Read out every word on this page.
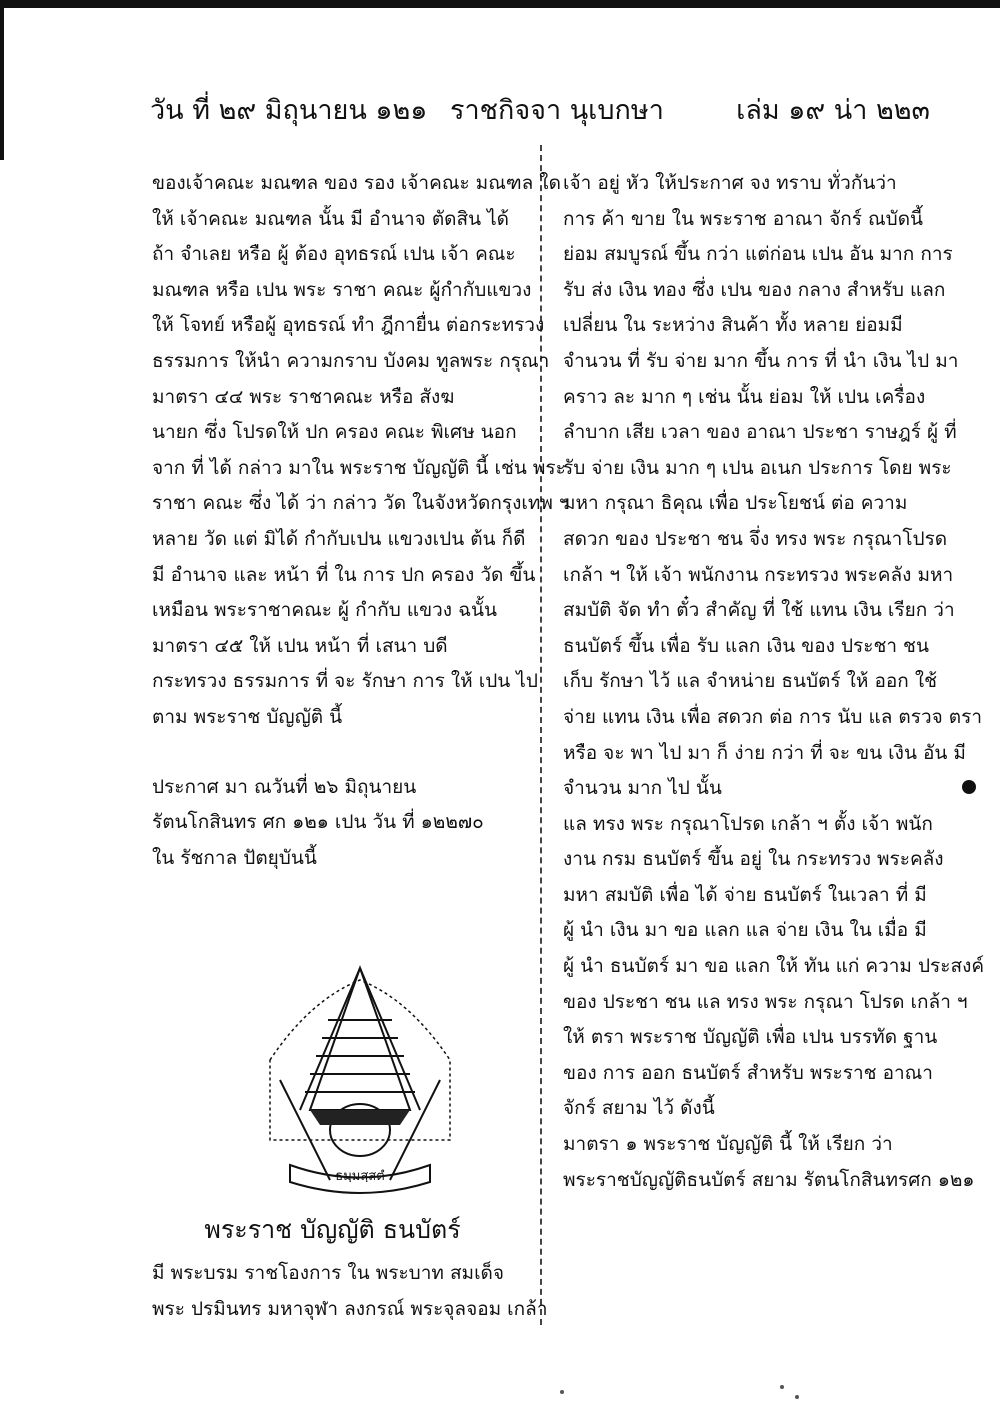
วัน ที่ ๒๙ มิถุนายน ๑๒๑ ราชกิจจา นุเบกษา	เล่ม ๑๙ น่า ๒๒๓
ของเจ้าคณะ มณฑล ของ รอง เจ้าคณะ มณฑล ใด
ให้ เจ้าคณะ มณฑล นั้น มี อำนาจ ตัดสิน ได้
ถ้า จำเลย หรือ ผู้ ต้อง อุทธรณ์ เปน เจ้า คณะ
มณฑล หรือ เปน พระ ราชา คณะ ผู้กำกับแขวง
ให้ โจทย์ หรือผู้ อุทธรณ์ ทำ ฎีกายื่น ต่อกระทรวง
ธรรมการ ให้นำ ความกราบ บังคม ทูลพระ กรุณา
มาตรา ๔๔ พระ ราชาคณะ หรือ สังฆ
นายก ซึ่ง โปรดให้ ปก ครอง คณะ พิเศษ นอก
จาก ที่ ได้ กล่าว มาใน พระราช บัญญัติ นี้ เช่น พระ
ราชา คณะ ซึ่ง ได้ ว่า กล่าว วัด ในจังหวัดกรุงเทพ ฯ
หลาย วัด แต่ มิได้ กำกับเปน แขวงเปน ต้น ก็ดี
มี อำนาจ และ หน้า ที่ ใน การ ปก ครอง วัด ขึ้น
เหมือน พระราชาคณะ ผู้ กำกับ แขวง ฉนั้น
มาตรา ๔๕ ให้ เปน หน้า ที่ เสนา บดี
กระทรวง ธรรมการ ที่ จะ รักษา การ ให้ เปน ไป
ตาม พระราช บัญญัติ นี้
ประกาศ มา ณวันที่ ๒๖ มิถุนายน
รัตนโกสินทร ศก ๑๒๑ เปน วัน ที่ ๑๒๒๗๐
ใน รัชกาล ปัตยุบันนี้
ธมฺมสฺสตํ
พระราช บัญญัติ ธนบัตร์
มี พระบรม ราชโองการ ใน พระบาท สมเด็จ
พระ ปรมินทร มหาจุฬา ลงกรณ์ พระจุลจอม เกล้า
เจ้า อยู่ หัว ให้ประกาศ จง ทราบ ทั่วกันว่า
การ ค้า ขาย ใน พระราช อาณา จักร์ ณบัดนี้
ย่อม สมบูรณ์ ขึ้น กว่า แต่ก่อน เปน อัน มาก การ
รับ ส่ง เงิน ทอง ซึ่ง เปน ของ กลาง สำหรับ แลก
เปลี่ยน ใน ระหว่าง สินค้า ทั้ง หลาย ย่อมมี
จำนวน ที่ รับ จ่าย มาก ขึ้น การ ที่ นำ เงิน ไป มา
คราว ละ มาก ๆ เช่น นั้น ย่อม ให้ เปน เครื่อง
ลำบาก เสีย เวลา ของ อาณา ประชา ราษฎร์ ผู้ ที่
รับ จ่าย เงิน มาก ๆ เปน อเนก ประการ โดย พระ
มหา กรุณา ธิคุณ เพื่อ ประโยชน์ ต่อ ความ
สดวก ของ ประชา ชน จึ่ง ทรง พระ กรุณาโปรด
เกล้า ฯ ให้ เจ้า พนักงาน กระทรวง พระคลัง มหา
สมบัติ จัด ทำ ตั๋ว สำคัญ ที่ ใช้ แทน เงิน เรียก ว่า
ธนบัตร์ ขึ้น เพื่อ รับ แลก เงิน ของ ประชา ชน
เก็บ รักษา ไว้ แล จำหน่าย ธนบัตร์ ให้ ออก ใช้
จ่าย แทน เงิน เพื่อ สดวก ต่อ การ นับ แล ตรวจ ตรา
หรือ จะ พา ไป มา ก็ ง่าย กว่า ที่ จะ ขน เงิน อัน มี
จำนวน มาก ไป นั้น
แล ทรง พระ กรุณาโปรด เกล้า ฯ ตั้ง เจ้า พนัก
งาน กรม ธนบัตร์ ขึ้น อยู่ ใน กระทรวง พระคลัง
มหา สมบัติ เพื่อ ได้ จ่าย ธนบัตร์ ในเวลา ที่ มี
ผู้ นำ เงิน มา ขอ แลก แล จ่าย เงิน ใน เมื่อ มี
ผู้ นำ ธนบัตร์ มา ขอ แลก ให้ ทัน แก่ ความ ประสงค์
ของ ประชา ชน แล ทรง พระ กรุณา โปรด เกล้า ฯ
ให้ ตรา พระราช บัญญัติ เพื่อ เปน บรรทัด ฐาน
ของ การ ออก ธนบัตร์ สำหรับ พระราช อาณา
จักร์ สยาม ไว้ ดังนี้
มาตรา ๑ พระราช บัญญัติ นี้ ให้ เรียก ว่า
พระราชบัญญัติธนบัตร์ สยาม รัตนโกสินทรศก ๑๒๑
